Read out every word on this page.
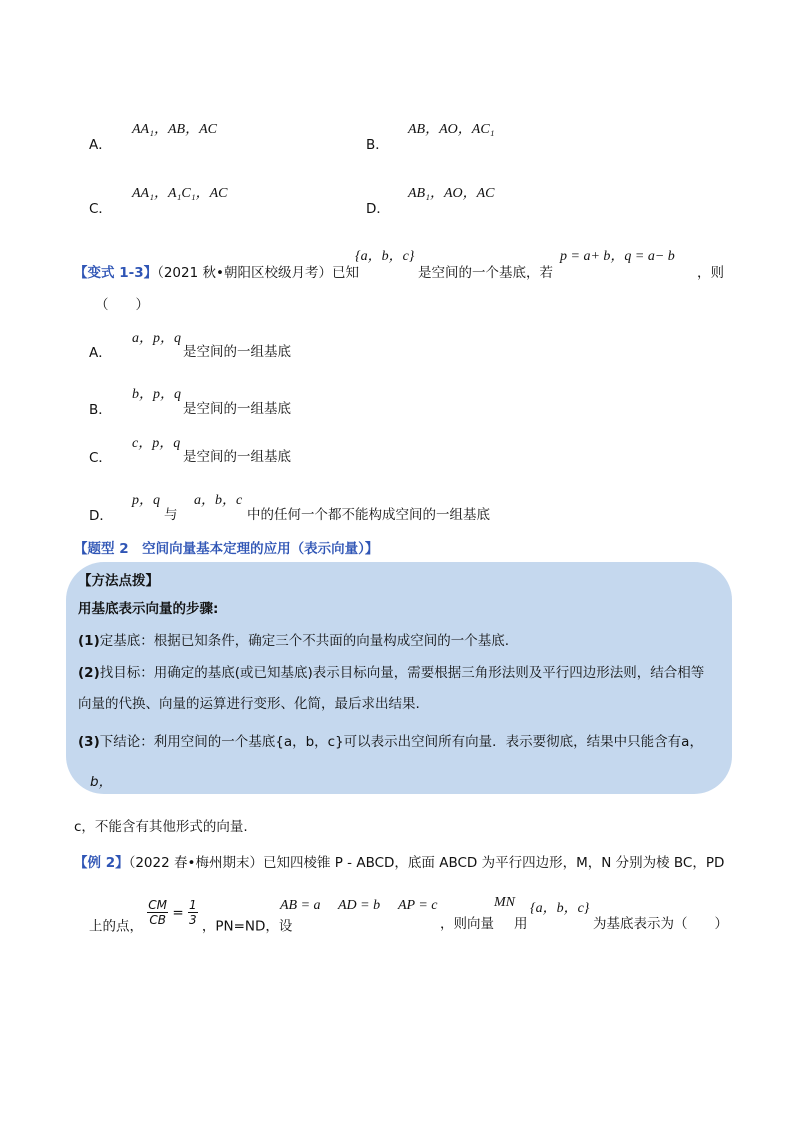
A．
AA₁，AB，AC
B．
AB，AO，AC₁
C．
AA₁，A₁C₁，AC
D．
AB₁，AO，AC
【变式 1-3】（2021 秋•朝阳区校级月考）已知
{a，b，c}
是空间的一个基底，若
p = a+ b，q = a− b
，则
（　　）
A．
a，p，q
是空间的一组基底
B．
b，p，q
是空间的一组基底
C．
c，p，q
是空间的一组基底
D．
p，q
与
a，b，c
中的任何一个都不能构成空间的一组基底
【题型 2　空间向量基本定理的应用（表示向量）】
【方法点拨】
用基底表示向量的步骤:
(1)定基底：根据已知条件，确定三个不共面的向量构成空间的一个基底.
(2)找目标：用确定的基底(或已知基底)表示目标向量，需要根据三角形法则及平行四边形法则，结合相等
向量的代换、向量的运算进行变形、化简，最后求出结果.
(3)下结论：利用空间的一个基底{a，b，c}可以表示出空间所有向量．表示要彻底，结果中只能含有a，
b，
c，不能含有其他形式的向量.
【例 2】（2022 春•梅州期末）已知四棱锥 P - ABCD，底面 ABCD 为平行四边形，M，N 分别为棱 BC，PD
上的点， $\frac{CM}{CB} = \frac{1}{3}$ ，PN=ND，设
AB = a AD = b AP = c
，则向量
MN
用
{a，b，c}
为基底表示为（　　）
